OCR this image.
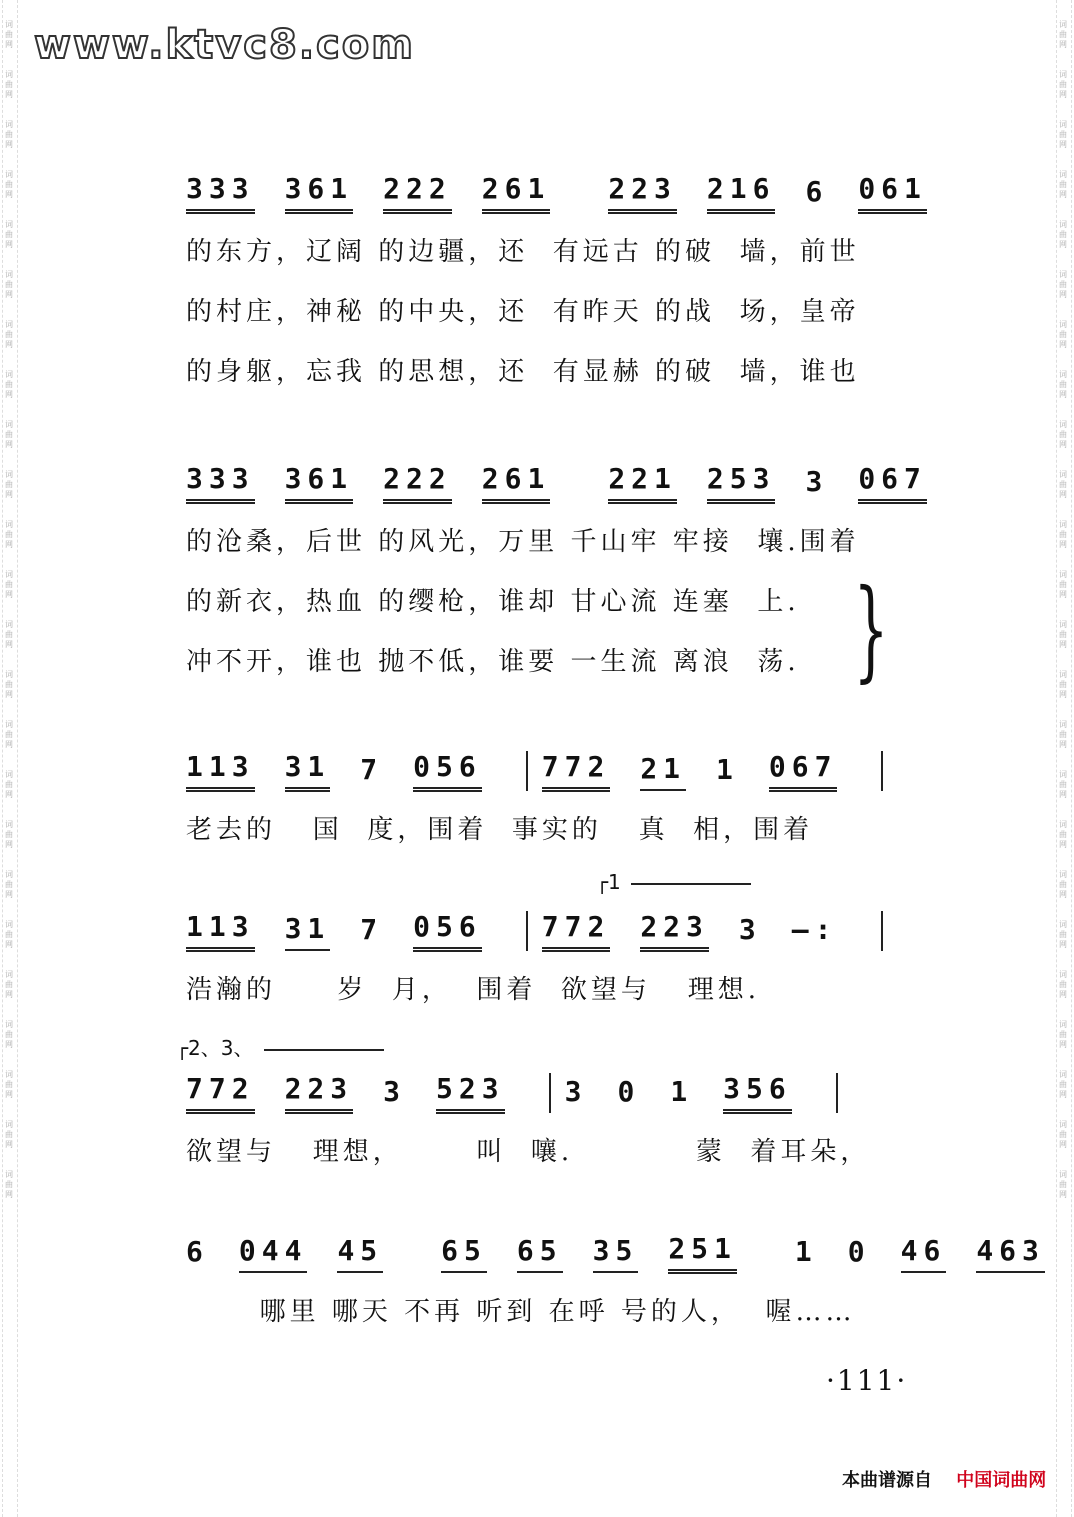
词曲网
词曲网
词曲网
词曲网
词曲网
词曲网
词曲网
词曲网
词曲网
词曲网
词曲网
词曲网
词曲网
词曲网
词曲网
词曲网
词曲网
词曲网
词曲网
词曲网
词曲网
词曲网
词曲网
词曲网
词曲网
词曲网
词曲网
词曲网
词曲网
词曲网
词曲网
词曲网
词曲网
词曲网
词曲网
词曲网
词曲网
词曲网
词曲网
词曲网
词曲网
词曲网
词曲网
词曲网
词曲网
词曲网
词曲网
词曲网
www.ktvc8.com
333 361 222 261 223 216 6 061
的东方，辽阔 的边疆，还  有远古 的破  墙，前世
的村庄，神秘 的中央，还  有昨天 的战  场，皇帝
的身躯，忘我 的思想，还  有显赫 的破  墙，谁也
333 361 222 261 221 253 3 067
的沧桑，后世 的风光，万里 千山牢 牢接  壤.围着
的新衣，热血 的缨枪，谁却 甘心流 连塞  上.
冲不开，谁也 抛不低，谁要 一生流 离浪  荡.
113 31 7 056 772 21 1 067
老去的   国  度，围着  事实的   真  相，围着
┌1
113 31 7 056 772 223 3 –:
浩瀚的     岁  月，  围着  欲望与   理想.
┌2、3、
772 223 3 523 3 0 1 356
欲望与   理想，      叫  嚷.          蒙  着耳朵，
6 044 45 65 65 35 251 1 0 46 463
哪里 哪天 不再 听到 在呼 号的人，  喔……
}
·111·
本曲谱源自 中国词曲网
